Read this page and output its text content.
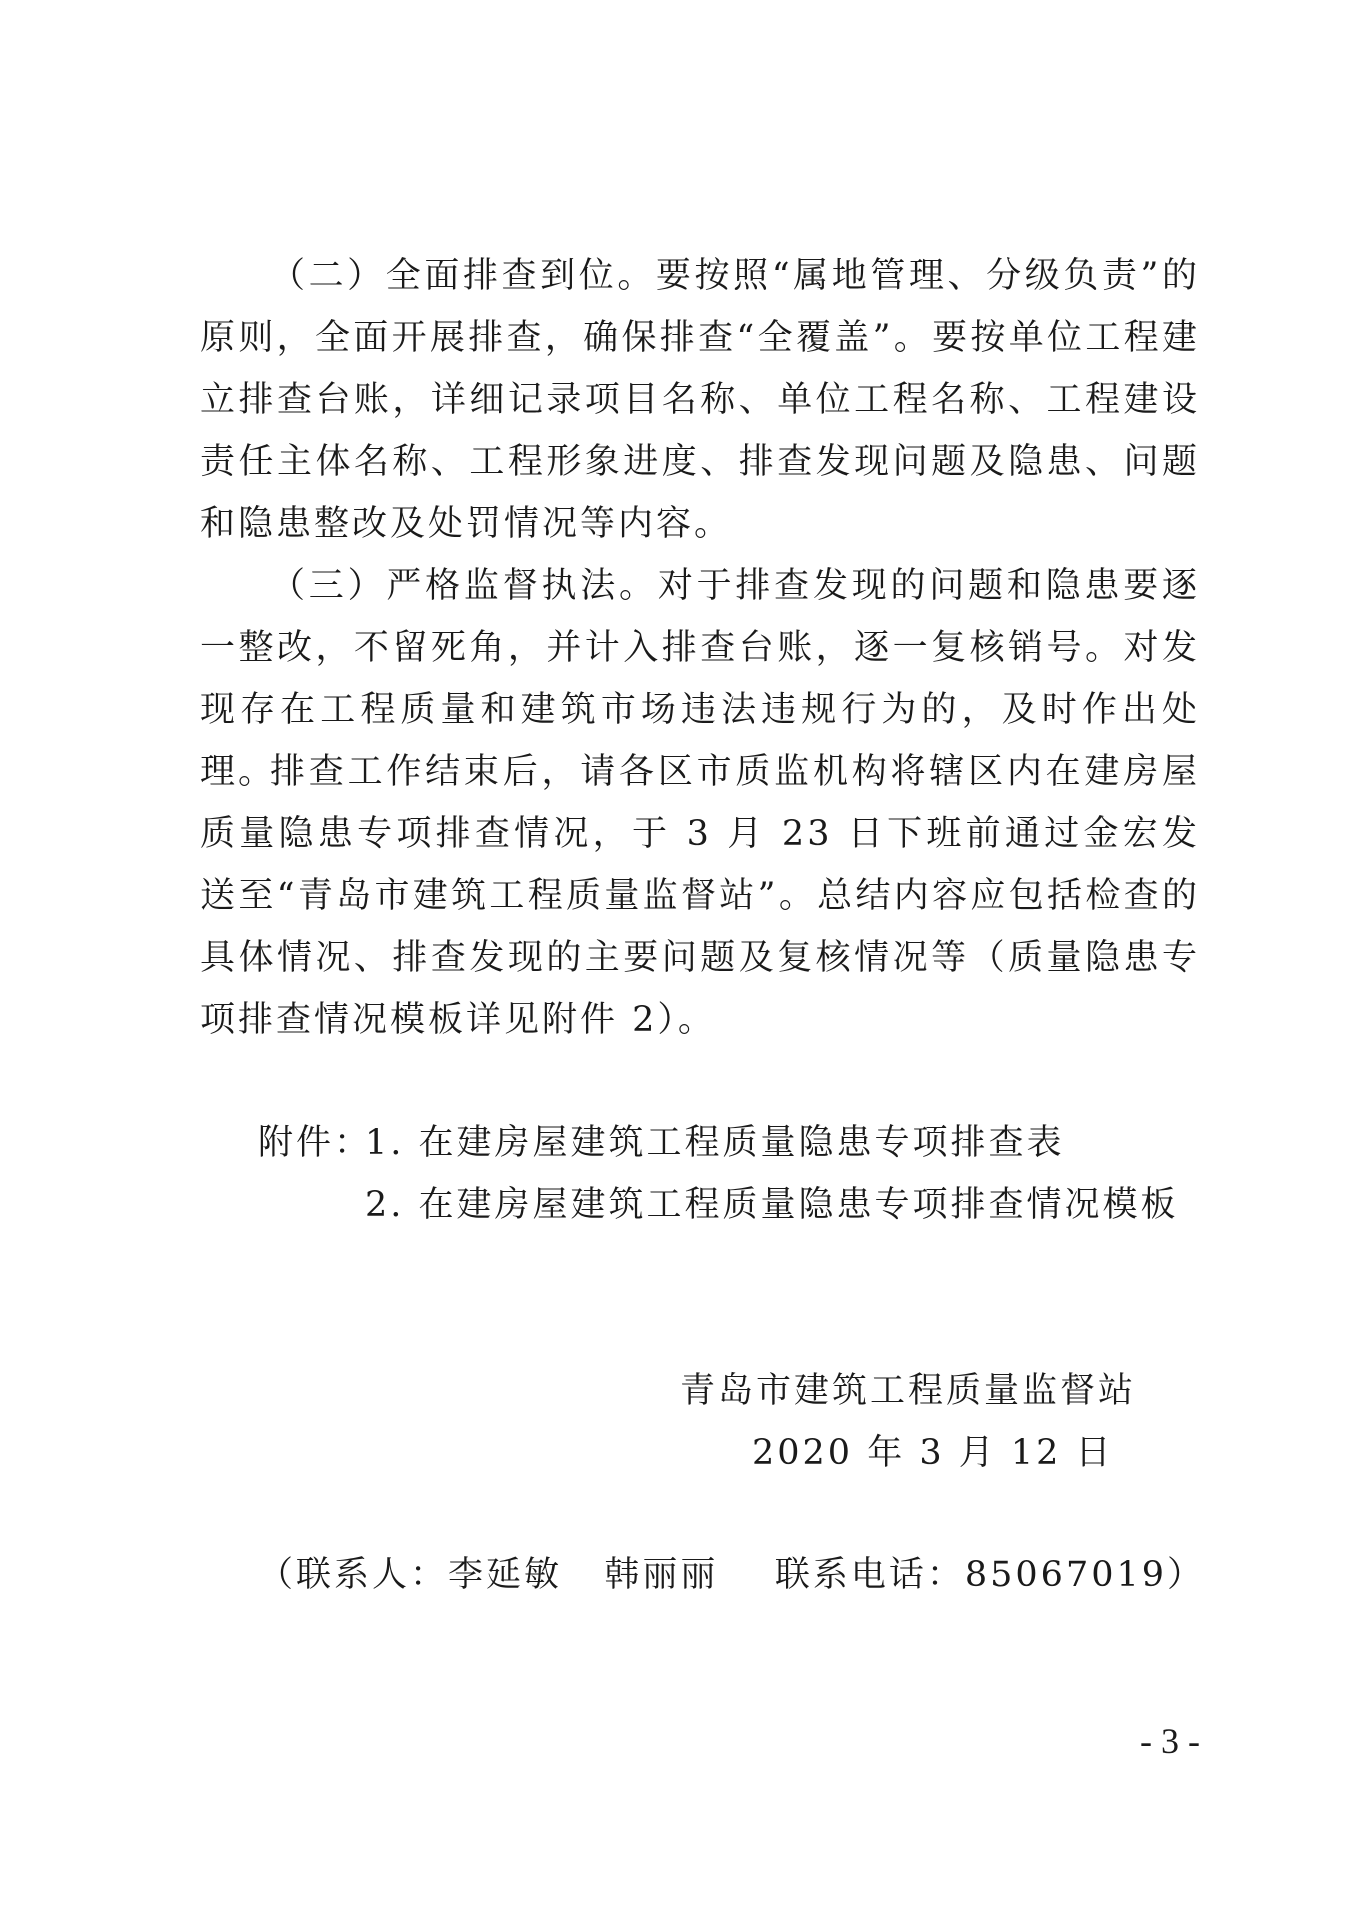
（二）全面排查到位。要按照“属地管理、分级负责”的原则，全面开展排查，确保排查“全覆盖”。要按单位工程建立排查台账，详细记录项目名称、单位工程名称、工程建设责任主体名称、工程形象进度、排查发现问题及隐患、问题和隐患整改及处罚情况等内容。

（三）严格监督执法。对于排查发现的问题和隐患要逐一整改，不留死角，并计入排查台账，逐一复核销号。对发现存在工程质量和建筑市场违法违规行为的，及时作出处理。

排查工作结束后，请各区市质监机构将辖区内在建房屋质量隐患专项排查情况，于 3 月 23 日下班前通过金宏发送至“青岛市建筑工程质量监督站”。总结内容应包括检查的具体情况、排查发现的主要问题及复核情况等（质量隐患专项排查情况模板详见附件 2）。

附件：
1. 在建房屋建筑工程质量隐患专项排查表
2. 在建房屋建筑工程质量隐患专项排查情况模板
青岛市建筑工程质量监督站
2020 年 3 月 12 日
（联系人：李延敏   韩丽丽    联系电话：85067019）
- 3 -
